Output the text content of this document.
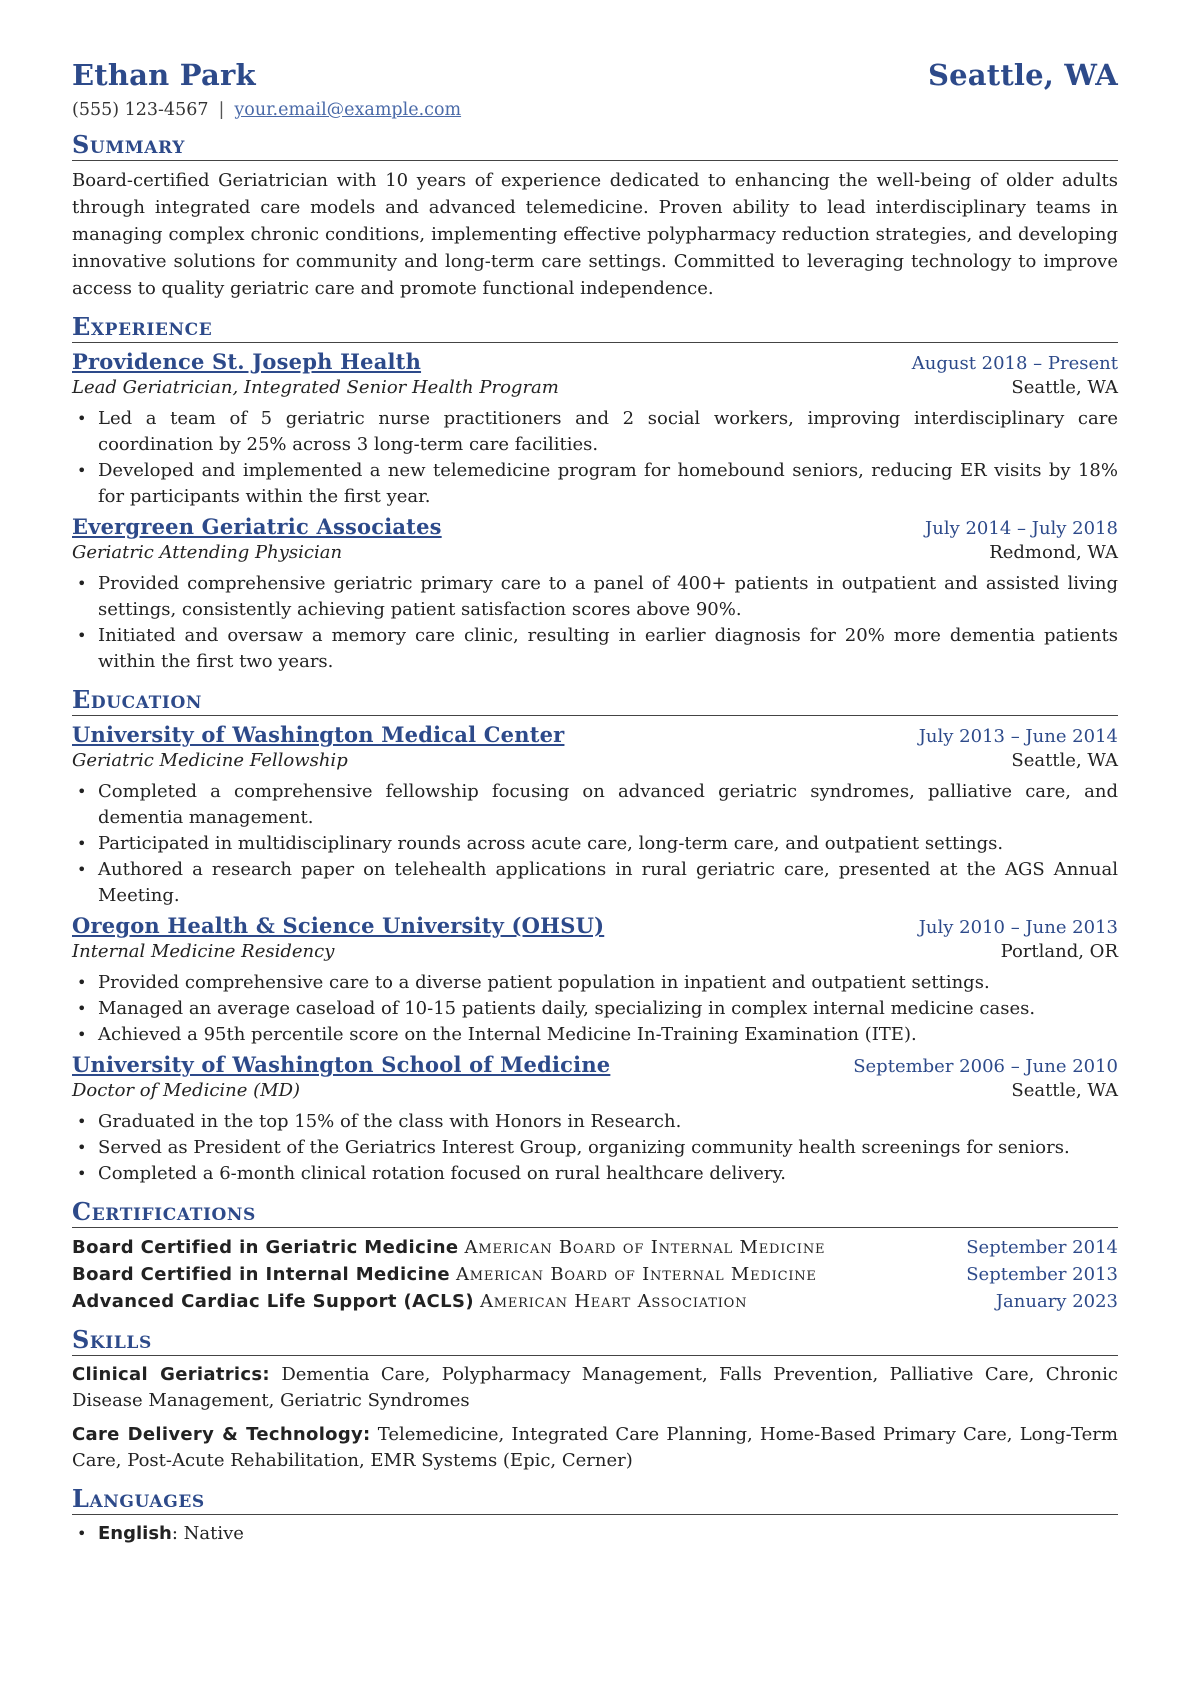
Ethan Park	Seattle, WA
(555) 123-4567 | your.email@example.com
Summary
Board-certified Geriatrician with 10 years of experience dedicated to enhancing the well-being of older adults through integrated care models and advanced telemedicine. Proven ability to lead interdisciplinary teams in managing complex chronic conditions, implementing effective polypharmacy reduction strategies, and developing innovative solutions for community and long-term care settings. Committed to leveraging technology to improve access to quality geriatric care and promote functional independence.
Experience
Providence St. Joseph Health	August 2018 – Present
Lead Geriatrician, Integrated Senior Health Program	Seattle, WA
• Led a team of 5 geriatric nurse practitioners and 2 social workers, improving interdisciplinary care coordination by 25% across 3 long-term care facilities.
• Developed and implemented a new telemedicine program for homebound seniors, reducing ER visits by 18% for participants within the first year.
Evergreen Geriatric Associates	July 2014 – July 2018
Geriatric Attending Physician	Redmond, WA
• Provided comprehensive geriatric primary care to a panel of 400+ patients in outpatient and assisted living settings, consistently achieving patient satisfaction scores above 90%.
• Initiated and oversaw a memory care clinic, resulting in earlier diagnosis for 20% more dementia patients within the first two years.
Education
University of Washington Medical Center	July 2013 – June 2014
Geriatric Medicine Fellowship	Seattle, WA
• Completed a comprehensive fellowship focusing on advanced geriatric syndromes, palliative care, and dementia management.
• Participated in multidisciplinary rounds across acute care, long-term care, and outpatient settings.
• Authored a research paper on telehealth applications in rural geriatric care, presented at the AGS Annual Meeting.
Oregon Health & Science University (OHSU)	July 2010 – June 2013
Internal Medicine Residency	Portland, OR
• Provided comprehensive care to a diverse patient population in inpatient and outpatient settings.
• Managed an average caseload of 10-15 patients daily, specializing in complex internal medicine cases.
• Achieved a 95th percentile score on the Internal Medicine In-Training Examination (ITE).
University of Washington School of Medicine	September 2006 – June 2010
Doctor of Medicine (MD)	Seattle, WA
• Graduated in the top 15% of the class with Honors in Research.
• Served as President of the Geriatrics Interest Group, organizing community health screenings for seniors.
• Completed a 6-month clinical rotation focused on rural healthcare delivery.
Certifications
Board Certified in Geriatric Medicine American Board of Internal Medicine	September 2014
Board Certified in Internal Medicine American Board of Internal Medicine	September 2013
Advanced Cardiac Life Support (ACLS) American Heart Association	January 2023
Skills
Clinical Geriatrics: Dementia Care, Polypharmacy Management, Falls Prevention, Palliative Care, Chronic Disease Management, Geriatric Syndromes
Care Delivery & Technology: Telemedicine, Integrated Care Planning, Home-Based Primary Care, Long-Term Care, Post-Acute Rehabilitation, EMR Systems (Epic, Cerner)
Languages
• English: Native
